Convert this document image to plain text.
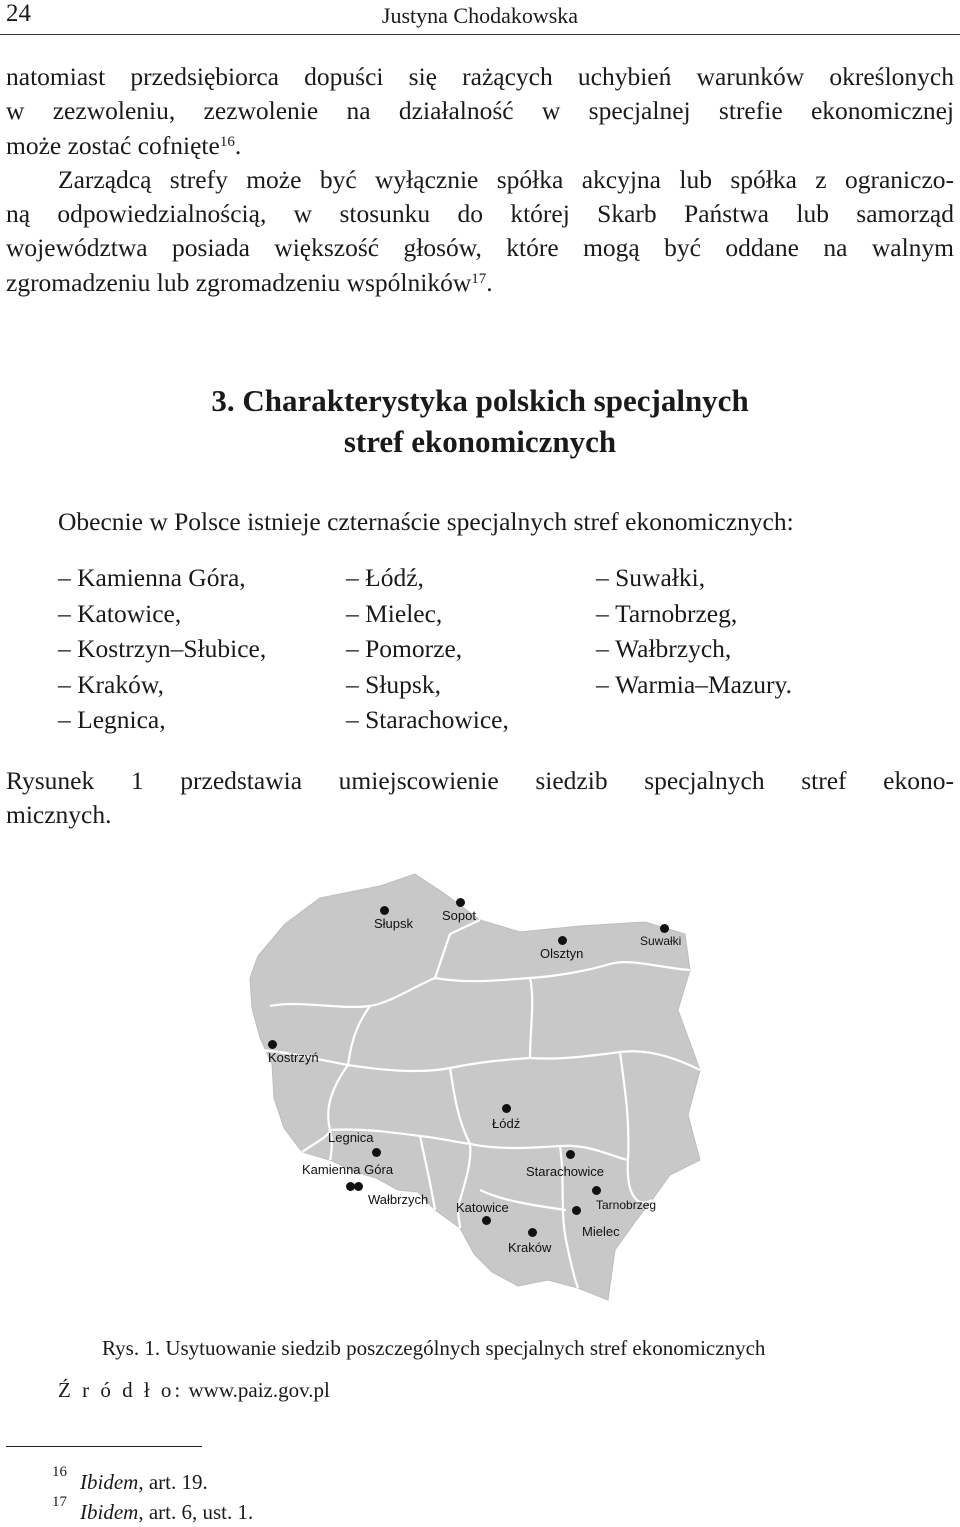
24	Justyna Chodakowska
natomiast przedsiębiorca dopuści się rażących uchybień warunków określonych
w zezwoleniu, zezwolenie na działalność w specjalnej strefie ekonomicznej
może zostać cofnięte$^{16}$.
Zarządcą strefy może być wyłącznie spółka akcyjna lub spółka z ograniczo-
ną odpowiedzialnością, w stosunku do której Skarb Państwa lub samorząd
województwa posiada większość głosów, które mogą być oddane na walnym
zgromadzeniu lub zgromadzeniu wspólników$^{17}$.
3. Charakterystyka polskich specjalnych
stref ekonomicznych
Obecnie w Polsce istnieje czternaście specjalnych stref ekonomicznych:
– Kamienna Góra,
– Katowice,
– Kostrzyn–Słubice,
– Kraków,
– Legnica,
– Łódź,
– Mielec,
– Pomorze,
– Słupsk,
– Starachowice,
– Suwałki,
– Tarnobrzeg,
– Wałbrzych,
– Warmia–Mazury.
Rysunek 1 przedstawia umiejscowienie siedzib specjalnych stref ekono-
micznych.
Słupsk
Sopot
Olsztyn
Suwałki
Kostrzyń
Łódź
Legnica
Kamienna Góra
Wałbrzych
Starachowice
Katowice	Tarnobrzeg
Mielec
Kraków
Rys. 1. Usytuowanie siedzib poszczególnych specjalnych stref ekonomicznych
Ź r ó d ł o: www.paiz.gov.pl
16 Ibidem, art. 19.
17 Ibidem, art. 6, ust. 1.
